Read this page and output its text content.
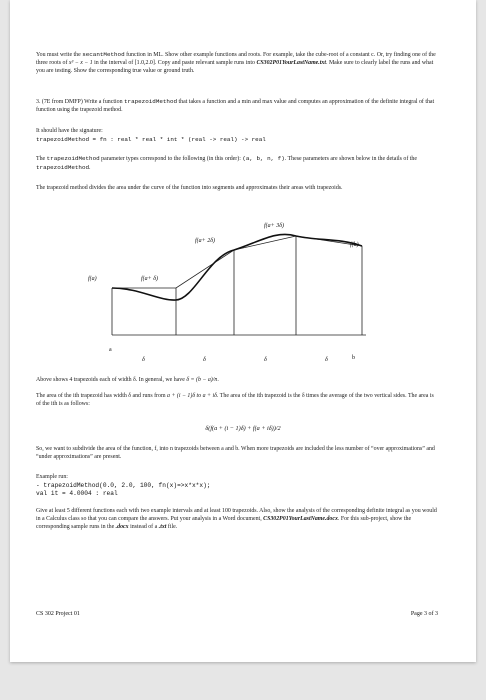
You must write the secantMethod function in ML. Show other example functions and roots. For example, take the cube-root of a constant c. Or, try finding one of the three roots of x³ − x − 1 in the interval of [1.0,2.0]. Copy and paste relevant sample runs into CS302P01YourLastName.txt. Make sure to clearly label the runs and what you are testing. Show the corresponding true value or ground truth.

3. (7E from DMFP) Write a function trapezoidMethod that takes a function and a min and max value and computes an approximation of the definite integral of that function using the trapezoid method.

It should have the signature:

trapezoidMethod = fn : real * real * int * (real -> real) -> real

The trapezoidMethod parameter types correspond to the following (in this order): (a, b, n, f). These parameters are shown below in the details of the trapezoidMethod.

The trapezoid method divides the area under the curve of the function into segments and approximates their areas with trapezoids.

f(a)	f(a+ δ)
f(a+ 2δ)
f(a+ 3δ)
f(b)
a
b
δ	δ	δ	δ

Above shows 4 trapezoids each of width δ. In general, we have δ = (b − a)/n.

The area of the ith trapezoid has width δ and runs from a + (i − 1)δ to a + iδ. The area of the ith trapezoid is the δ times the average of the two vertical sides. The area is of the ith is as follows:

δ(f(a + (i − 1)δ) + f(a + iδ))/2

So, we want to subdivide the area of the function, f, into n trapezoids between a and b. When more trapezoids are included the less number of “over approximations” and “under approximations” are present.

Example run:

- trapezoidMethod(0.0, 2.0, 100, fn(x)=>x*x*x);

val it = 4.0004 : real

Give at least 5 different functions each with two example intervals and at least 100 trapezoids. Also, show the analysis of the corresponding definite integral as you would in a Calculus class so that you can compare the answers. Put your analysis in a Word document, CS302P01YourLastName.docx. For this sub-project, show the corresponding sample runs in the .docx instead of a .txt file.

CS 302 Project 01	Page 3 of 3
